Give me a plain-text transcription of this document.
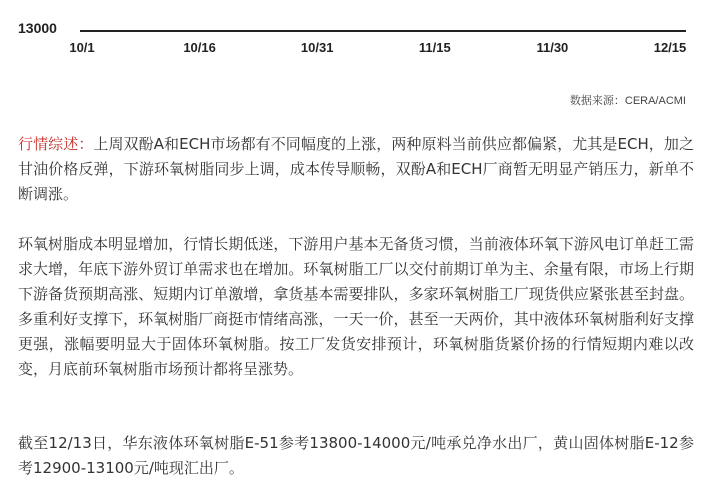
13000
10/1	10/16	10/31	11/15	11/30	12/15
数据来源：CERA/ACMI

行情综述：上周双酚A和ECH市场都有不同幅度的上涨，两种原料当前供应都偏紧，尤其是ECH，加之甘油价格反弹，下游环氧树脂同步上调，成本传导顺畅，双酚A和ECH厂商暂无明显产销压力，新单不断调涨。

环氧树脂成本明显增加，行情长期低迷，下游用户基本无备货习惯，当前液体环氧下游风电订单赶工需求大增，年底下游外贸订单需求也在增加。环氧树脂工厂以交付前期订单为主、余量有限，市场上行期下游备货预期高涨、短期内订单激增，拿货基本需要排队，多家环氧树脂工厂现货供应紧张甚至封盘。多重利好支撑下，环氧树脂厂商挺市情绪高涨，一天一价，甚至一天两价，其中液体环氧树脂利好支撑更强，涨幅要明显大于固体环氧树脂。按工厂发货安排预计，环氧树脂货紧价扬的行情短期内难以改变，月底前环氧树脂市场预计都将呈涨势。

截至12/13日，华东液体环氧树脂E-51参考13800-14000元/吨承兑净水出厂，黄山固体树脂E-12参考12900-13100元/吨现汇出厂。
